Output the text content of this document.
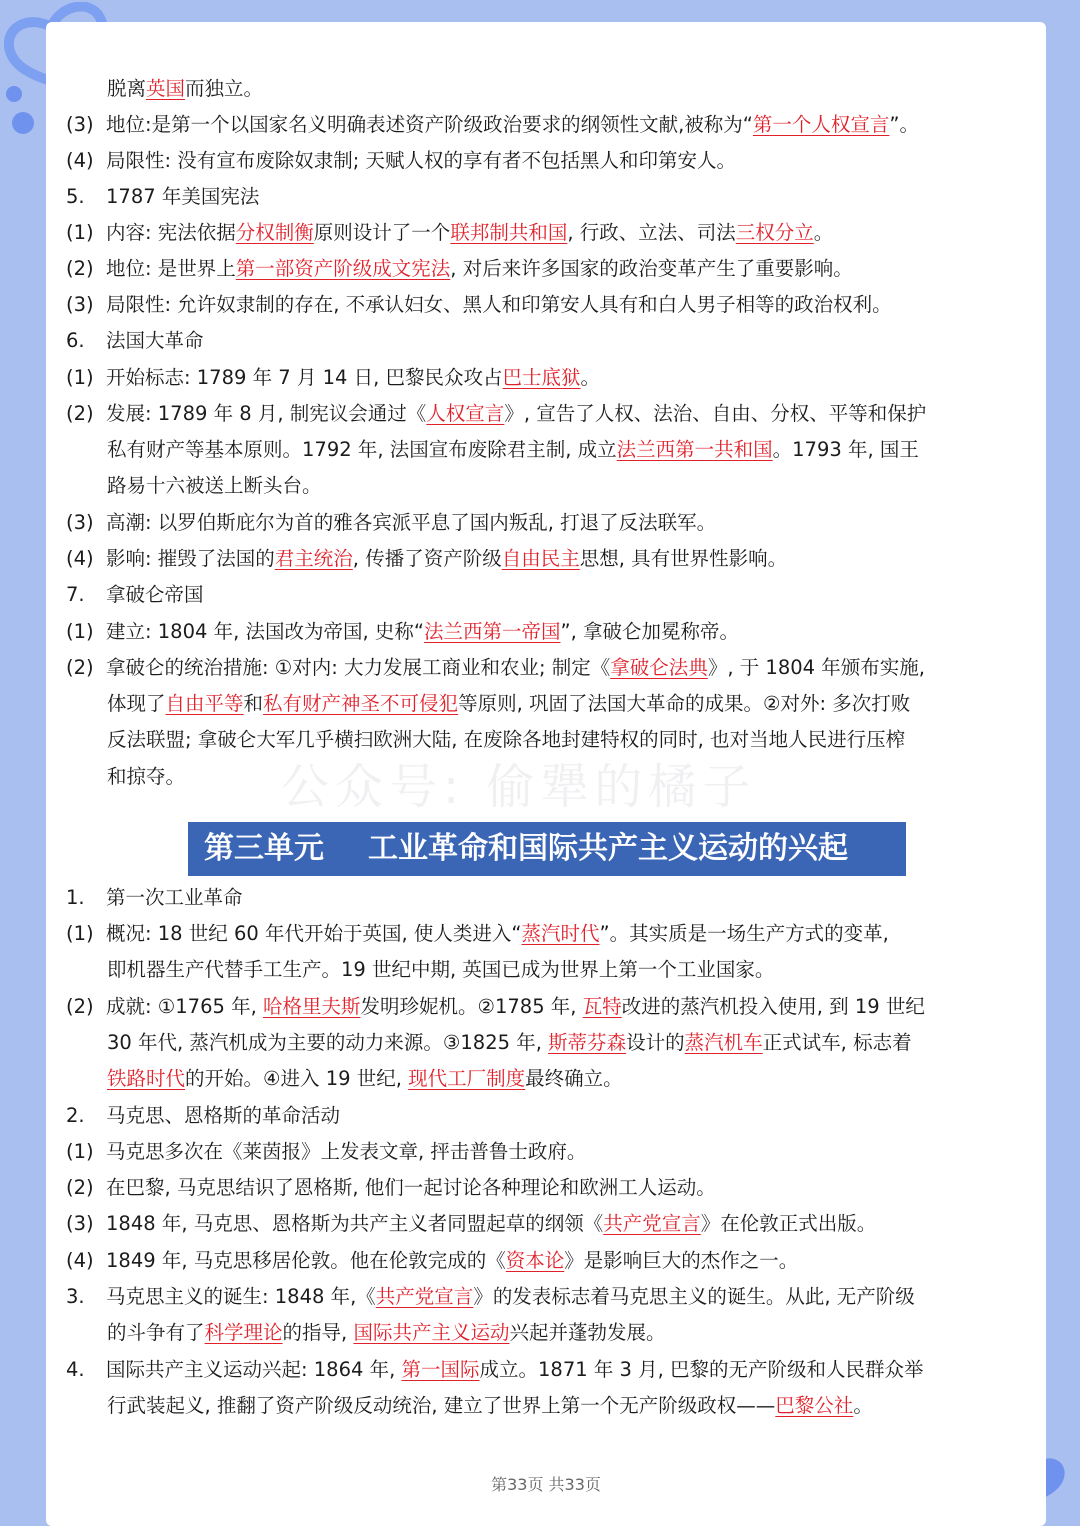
公众号: 偷犟的橘子
脱离英国而独立。
(3) 地位:是第一个以国家名义明确表述资产阶级政治要求的纲领性文献,被称为“第一个人权宣言”。
(4) 局限性: 没有宣布废除奴隶制; 天赋人权的享有者不包括黑人和印第安人。
5. 1787 年美国宪法
(1) 内容: 宪法依据分权制衡原则设计了一个联邦制共和国, 行政、立法、司法三权分立。
(2) 地位: 是世界上第一部资产阶级成文宪法, 对后来许多国家的政治变革产生了重要影响。
(3) 局限性: 允许奴隶制的存在, 不承认妇女、黑人和印第安人具有和白人男子相等的政治权利。
6. 法国大革命
(1) 开始标志: 1789 年 7 月 14 日, 巴黎民众攻占巴士底狱。
(2) 发展: 1789 年 8 月, 制宪议会通过《人权宣言》, 宣告了人权、法治、自由、分权、平等和保护
私有财产等基本原则。1792 年, 法国宣布废除君主制, 成立法兰西第一共和国。1793 年, 国王
路易十六被送上断头台。
(3) 高潮: 以罗伯斯庇尔为首的雅各宾派平息了国内叛乱, 打退了反法联军。
(4) 影响: 摧毁了法国的君主统治, 传播了资产阶级自由民主思想, 具有世界性影响。
7. 拿破仑帝国
(1) 建立: 1804 年, 法国改为帝国, 史称“法兰西第一帝国”, 拿破仑加冕称帝。
(2) 拿破仑的统治措施: ①对内: 大力发展工商业和农业; 制定《拿破仑法典》, 于 1804 年颁布实施,
体现了自由平等和私有财产神圣不可侵犯等原则, 巩固了法国大革命的成果。②对外: 多次打败
反法联盟; 拿破仑大军几乎横扫欧洲大陆, 在废除各地封建特权的同时, 也对当地人民进行压榨
和掠夺。
第三单元 工业革命和国际共产主义运动的兴起
1. 第一次工业革命
(1) 概况: 18 世纪 60 年代开始于英国, 使人类进入“蒸汽时代”。其实质是一场生产方式的变革,
即机器生产代替手工生产。19 世纪中期, 英国已成为世界上第一个工业国家。
(2) 成就: ①1765 年, 哈格里夫斯发明珍妮机。②1785 年, 瓦特改进的蒸汽机投入使用, 到 19 世纪
30 年代, 蒸汽机成为主要的动力来源。③1825 年, 斯蒂芬森设计的蒸汽机车正式试车, 标志着
铁路时代的开始。④进入 19 世纪, 现代工厂制度最终确立。
2. 马克思、恩格斯的革命活动
(1) 马克思多次在《莱茵报》上发表文章, 抨击普鲁士政府。
(2) 在巴黎, 马克思结识了恩格斯, 他们一起讨论各种理论和欧洲工人运动。
(3) 1848 年, 马克思、恩格斯为共产主义者同盟起草的纲领《共产党宣言》在伦敦正式出版。
(4) 1849 年, 马克思移居伦敦。他在伦敦完成的《资本论》是影响巨大的杰作之一。
3. 马克思主义的诞生: 1848 年,《共产党宣言》的发表标志着马克思主义的诞生。从此, 无产阶级
的斗争有了科学理论的指导, 国际共产主义运动兴起并蓬勃发展。
4. 国际共产主义运动兴起: 1864 年, 第一国际成立。1871 年 3 月, 巴黎的无产阶级和人民群众举
行武装起义, 推翻了资产阶级反动统治, 建立了世界上第一个无产阶级政权——巴黎公社。
第33页 共33页
